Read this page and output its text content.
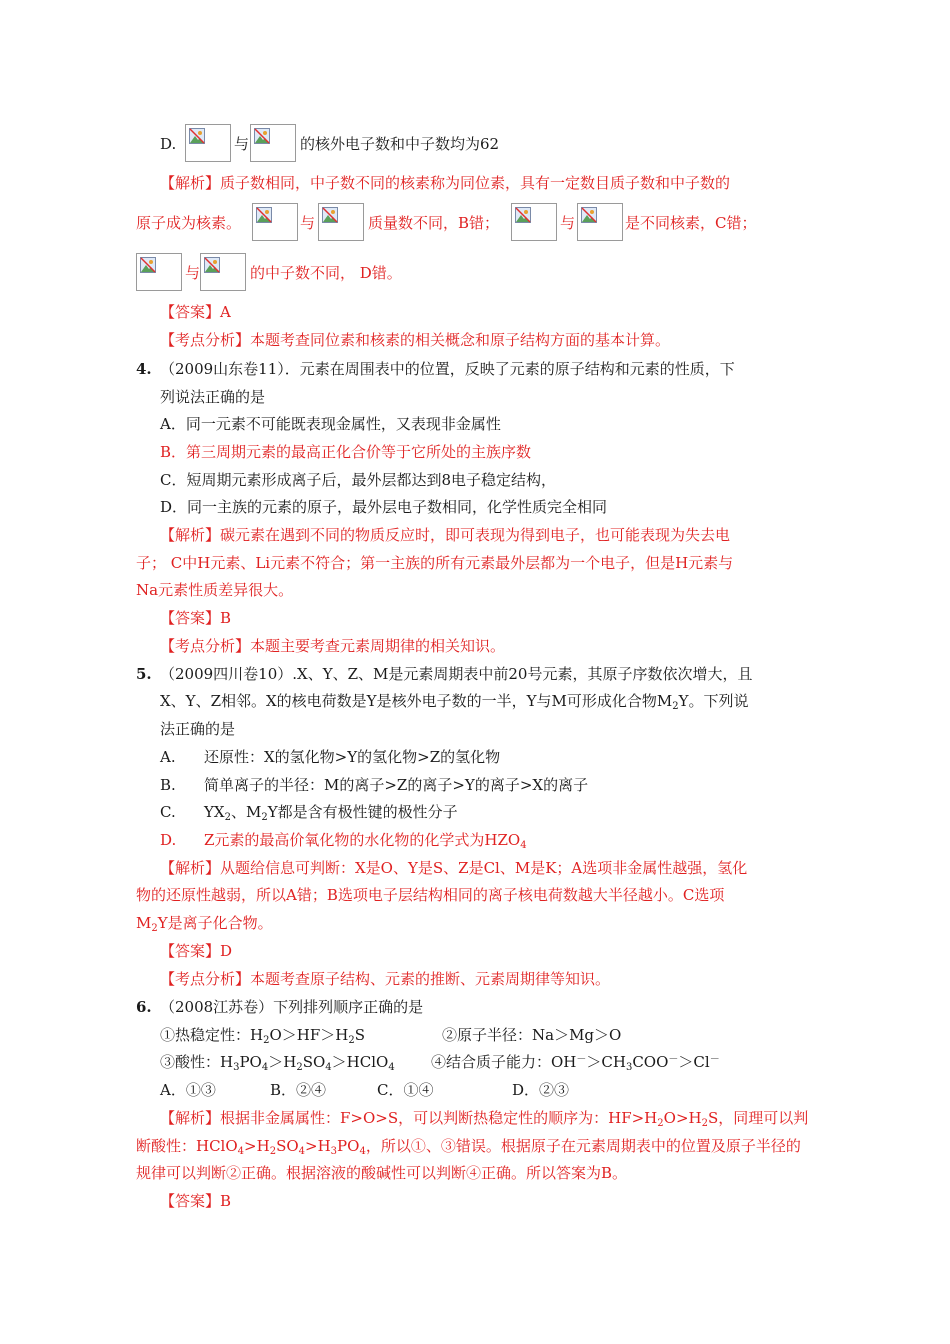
D.	与	的核外电子数和中子数均为62
【解析】质子数相同，中子数不同的核素称为同位素，具有一定数目质子数和中子数的
原子成为核素。	与	质量数不同，B错；	与	是不同核素，C错；
与	的中子数不同， D错。
【答案】A
【考点分析】本题考查同位素和核素的相关概念和原子结构方面的基本计算。
4. （2009山东卷11）．元素在周围表中的位置，反映了元素的原子结构和元素的性质，下
列说法正确的是
A．同一元素不可能既表现金属性，又表现非金属性
B．第三周期元素的最高正化合价等于它所处的主族序数
C．短周期元素形成离子后，最外层都达到8电子稳定结构，
D．同一主族的元素的原子，最外层电子数相同，化学性质完全相同
【解析】碳元素在遇到不同的物质反应时，即可表现为得到电子，也可能表现为失去电
子； C中H元素、Li元素不符合；第一主族的所有元素最外层都为一个电子，但是H元素与
Na元素性质差异很大。
【答案】B
【考点分析】本题主要考查元素周期律的相关知识。
5. （2009四川卷10）.X、Y、Z、M是元素周期表中前20号元素，其原子序数依次增大，且
X、Y、Z相邻。X的核电荷数是Y是核外电子数的一半，Y与M可形成化合物$M_2Y$。下列说
法正确的是
A. 还原性：X的氢化物>Y的氢化物>Z的氢化物
B. 简单离子的半径：M的离子>Z的离子>Y的离子>X的离子
C. $YX_2$、$M_2Y$都是含有极性键的极性分子
D. Z元素的最高价氧化物的水化物的化学式为$HZO_4$
【解析】从题给信息可判断：X是O、Y是S、Z是Cl、M是K；A选项非金属性越强，氢化
物的还原性越弱，所以A错；B选项电子层结构相同的离子核电荷数越大半径越小。C选项
$M_2Y$是离子化合物。
【答案】D
【考点分析】本题考查原子结构、元素的推断、元素周期律等知识。
6. （2008江苏卷）下列排列顺序正确的是
①热稳定性：$H_2O>HF>H_2S$	②原子半径：Na＞Mg＞O
③酸性：$H_3PO_4>H_2SO_4>HClO_4$ ④结合质子能力：$OH^->CH_3COO^->Cl^-$
A．①③	B．②④	C．①④	D．②③
【解析】根据非金属属性：F>O>S，可以判断热稳定性的顺序为：$HF>H_2O>H_2S$，同理可以判
断酸性：$HClO_4>H_2SO_4>H_3PO_4$，所以①、③错误。根据原子在元素周期表中的位置及原子半径的
规律可以判断②正确。根据溶液的酸碱性可以判断④正确。所以答案为B。
【答案】B
